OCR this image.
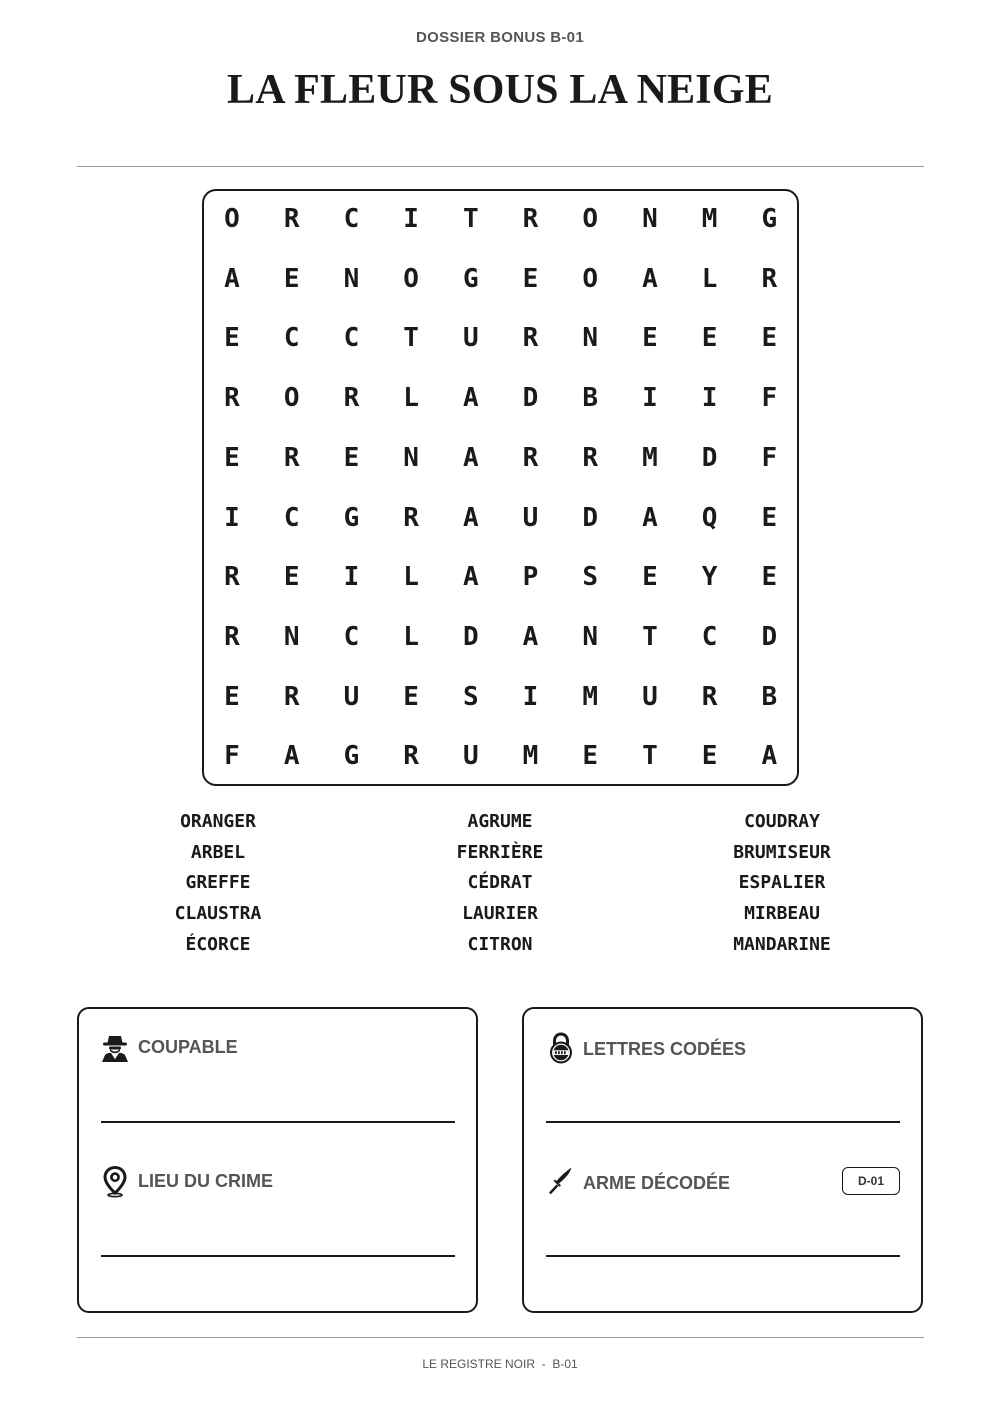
DOSSIER BONUS B-01
LA FLEUR SOUS LA NEIGE
O	R	C	I	T	R	O	N	M	G
A	E	N	O	G	E	O	A	L	R
E	C	C	T	U	R	N	E	E	E
R	O	R	L	A	D	B	I	I	F
E	R	E	N	A	R	R	M	D	F
I	C	G	R	A	U	D	A	Q	E
R	E	I	L	A	P	S	E	Y	E
R	N	C	L	D	A	N	T	C	D
E	R	U	E	S	I	M	U	R	B
F	A	G	R	U	M	E	T	E	A
ORANGER
ARBEL
GREFFE
CLAUSTRA
ÉCORCE
AGRUME
FERRIÈRE
CÉDRAT
LAURIER
CITRON
COUDRAY
BRUMISEUR
ESPALIER
MIRBEAU
MANDARINE
COUPABLE
LIEU DU CRIME
LETTRES CODÉES
ARME DÉCODÉE	D-01
LE REGISTRE NOIR  -  B-01
